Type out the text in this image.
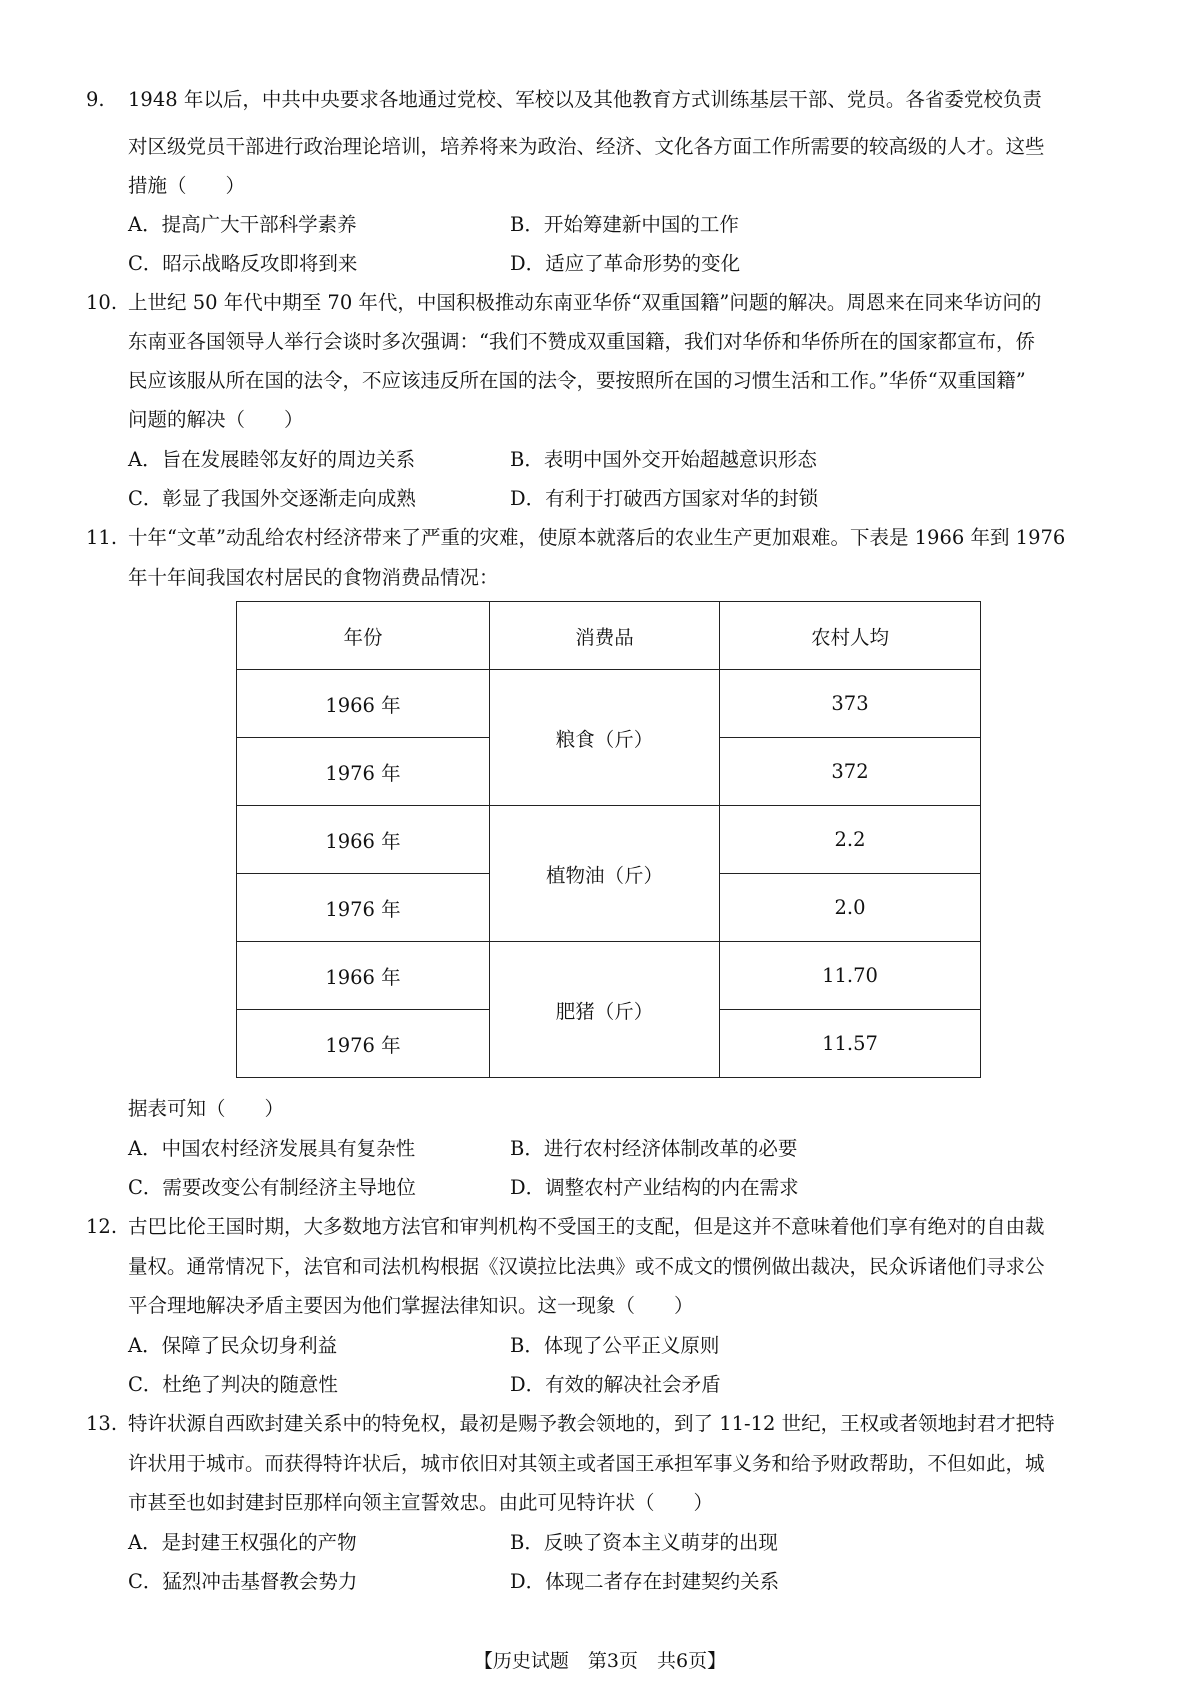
9. 1948 年以后，中共中央要求各地通过党校、军校以及其他教育方式训练基层干部、党员。各省委党校负责
对区级党员干部进行政治理论培训，培养将来为政治、经济、文化各方面工作所需要的较高级的人才。这些
措施（　　）
A．提高广大干部科学素养	B．开始筹建新中国的工作
C．昭示战略反攻即将到来	D．适应了革命形势的变化
10. 上世纪 50 年代中期至 70 年代，中国积极推动东南亚华侨“双重国籍”问题的解决。周恩来在同来华访问的
东南亚各国领导人举行会谈时多次强调：“我们不赞成双重国籍，我们对华侨和华侨所在的国家都宣布，侨
民应该服从所在国的法令，不应该违反所在国的法令，要按照所在国的习惯生活和工作。”华侨“双重国籍”
问题的解决（　　）
A．旨在发展睦邻友好的周边关系	B．表明中国外交开始超越意识形态
C．彰显了我国外交逐渐走向成熟	D．有利于打破西方国家对华的封锁
11. 十年“文革”动乱给农村经济带来了严重的灾难，使原本就落后的农业生产更加艰难。下表是 1966 年到 1976
年十年间我国农村居民的食物消费品情况：
年份	消费品	农村人均
1966 年	粮食（斤）	373
1976 年		372
1966 年	植物油（斤）	2.2
1976 年		2.0
1966 年	肥猪（斤）	11.70
1976 年		11.57
据表可知（　　）
A．中国农村经济发展具有复杂性	B．进行农村经济体制改革的必要
C．需要改变公有制经济主导地位	D．调整农村产业结构的内在需求
12. 古巴比伦王国时期，大多数地方法官和审判机构不受国王的支配，但是这并不意味着他们享有绝对的自由裁
量权。通常情况下，法官和司法机构根据《汉谟拉比法典》或不成文的惯例做出裁决，民众诉诸他们寻求公
平合理地解决矛盾主要因为他们掌握法律知识。这一现象（　　）
A．保障了民众切身利益	B．体现了公平正义原则
C．杜绝了判决的随意性	D．有效的解决社会矛盾
13. 特许状源自西欧封建关系中的特免权，最初是赐予教会领地的，到了 11-12 世纪，王权或者领地封君才把特
许状用于城市。而获得特许状后，城市依旧对其领主或者国王承担军事义务和给予财政帮助，不但如此，城
市甚至也如封建封臣那样向领主宣誓效忠。由此可见特许状（　　）
A．是封建王权强化的产物	B．反映了资本主义萌芽的出现
C．猛烈冲击基督教会势力	D．体现二者存在封建契约关系
【历史试题　第3页　共6页】
